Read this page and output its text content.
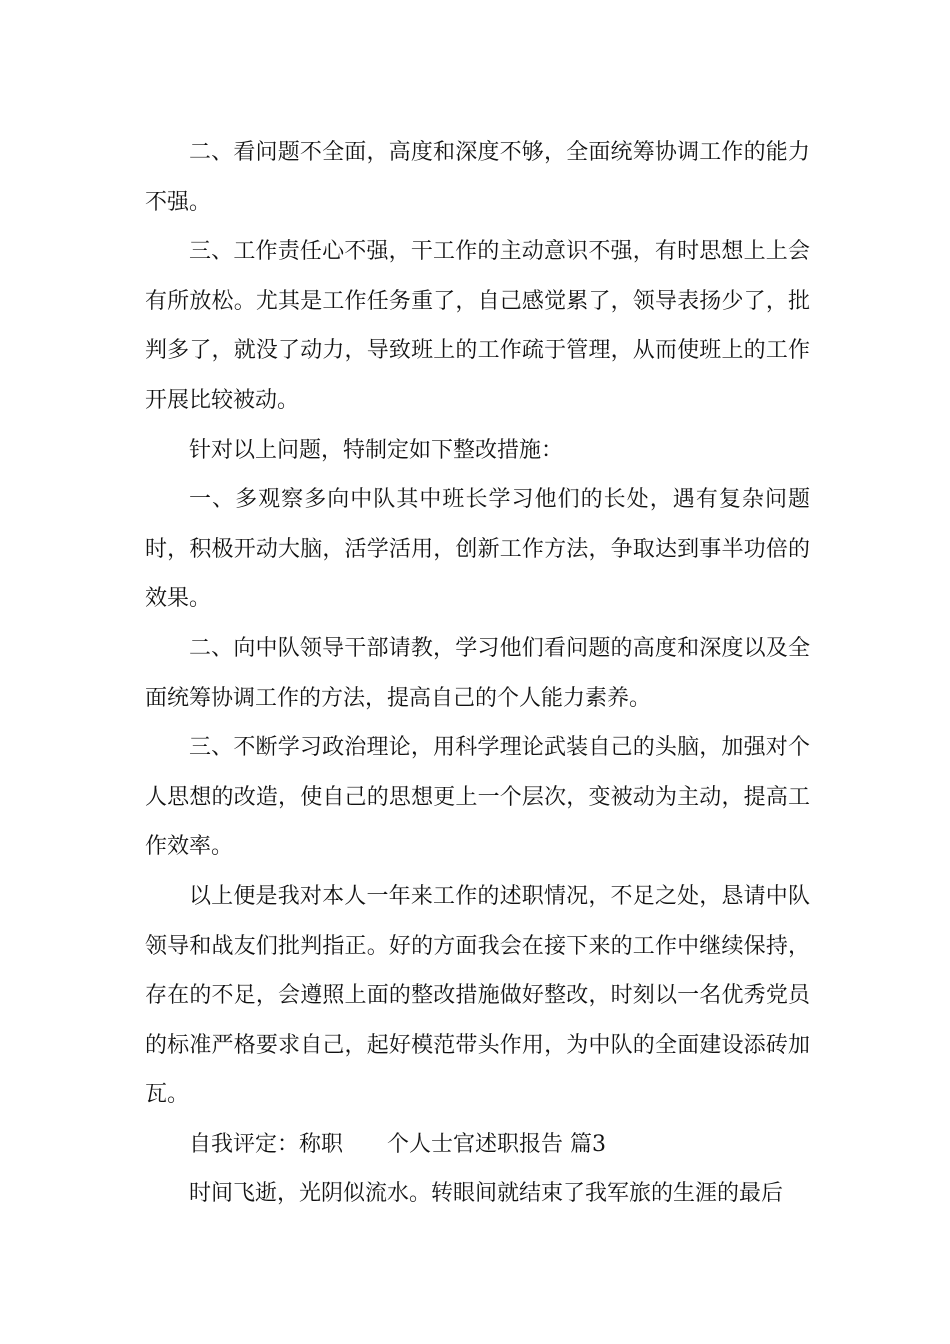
二、看问题不全面，高度和深度不够，全面统筹协调工作的能力不强。

三、工作责任心不强，干工作的主动意识不强，有时思想上上会有所放松。尤其是工作任务重了，自己感觉累了，领导表扬少了，批判多了，就没了动力，导致班上的工作疏于管理，从而使班上的工作开展比较被动。

针对以上问题，特制定如下整改措施：

一、多观察多向中队其中班长学习他们的长处，遇有复杂问题时，积极开动大脑，活学活用，创新工作方法，争取达到事半功倍的效果。

二、向中队领导干部请教，学习他们看问题的高度和深度以及全面统筹协调工作的方法，提高自己的个人能力素养。

三、不断学习政治理论，用科学理论武装自己的头脑，加强对个人思想的改造，使自己的思想更上一个层次，变被动为主动，提高工作效率。

以上便是我对本人一年来工作的述职情况，不足之处，恳请中队领导和战友们批判指正。好的方面我会在接下来的工作中继续保持，存在的不足，会遵照上面的整改措施做好整改，时刻以一名优秀党员的标准严格要求自己，起好模范带头作用，为中队的全面建设添砖加瓦。

自我评定：称职　　个人士官述职报告 篇3

时间飞逝，光阴似流水。转眼间就结束了我军旅的生涯的最后
